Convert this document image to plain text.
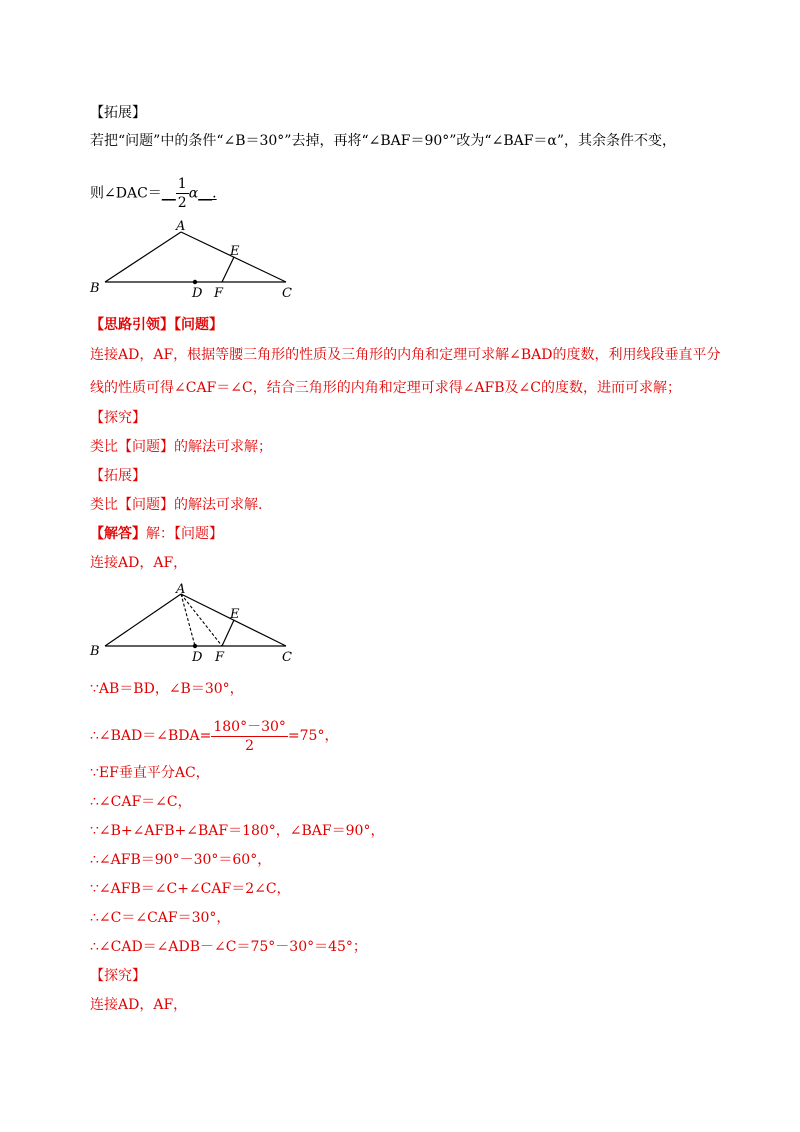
【拓展】
若把“问题”中的条件“∠B＝30°”去掉，再将“∠BAF＝90°”改为“∠BAF＝α”，其余条件不变，
则∠DAC＝__ $\frac{1}{2}$ α__.
A
B	C
D
E
F
【思路引领】【问题】
连接AD，AF，根据等腰三角形的性质及三角形的内角和定理可求解∠BAD的度数，利用线段垂直平分
线的性质可得∠CAF＝∠C，结合三角形的内角和定理可求得∠AFB及∠C的度数，进而可求解；
【探究】
类比【问题】的解法可求解；
【拓展】
类比【问题】的解法可求解.
【解答】解：【问题】
连接AD，AF，
A
B	C
D
E
F
∵AB＝BD，∠B＝30°，
∴∠BAD＝∠BDA= $\frac{180^\circ-30^\circ}{2} =75^\circ$，
∵EF垂直平分AC，
∴∠CAF＝∠C，
∵∠B+∠AFB+∠BAF＝180°，∠BAF＝90°，
∴∠AFB＝90°－30°＝60°，
∵∠AFB＝∠C+∠CAF＝2∠C，
∴∠C＝∠CAF＝30°，
∴∠CAD＝∠ADB－∠C＝75°－30°＝45°；
【探究】
连接AD，AF，
